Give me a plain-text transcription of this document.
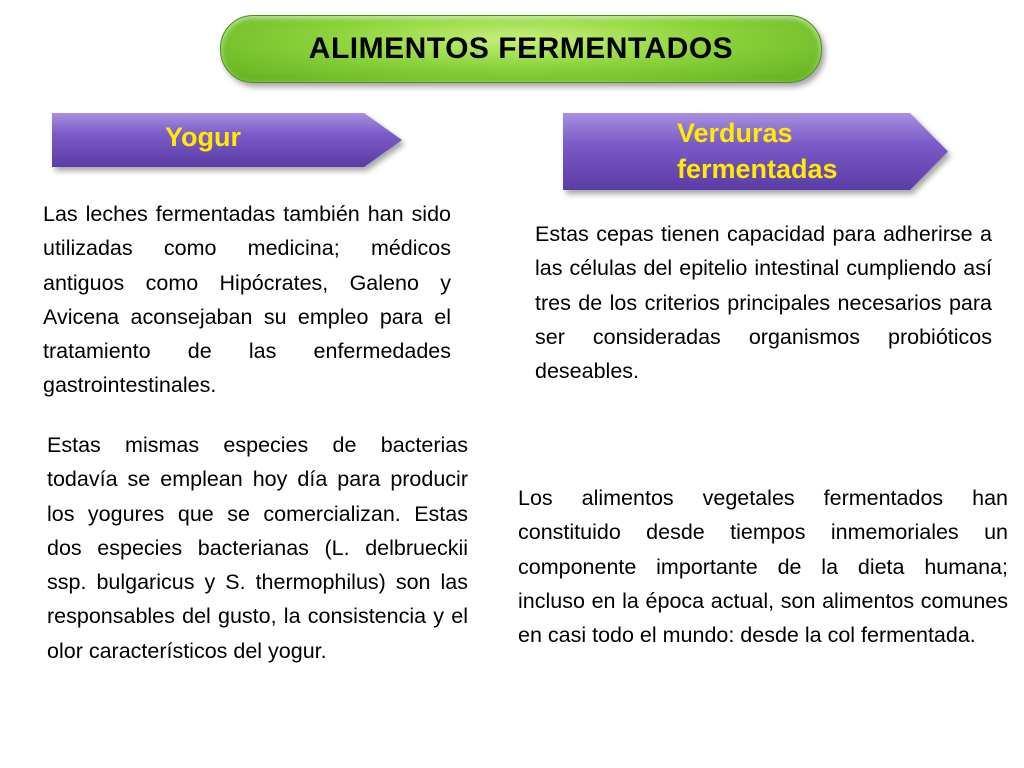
ALIMENTOS FERMENTADOS
Yogur	Verduras
fermentadas
Las leches fermentadas también han sido utilizadas como medicina; médicos antiguos como Hipócrates, Galeno y Avicena aconsejaban su empleo para el tratamiento de las enfermedades gastrointestinales.
Estas mismas especies de bacterias todavía se emplean hoy día para producir los yogures que se comercializan. Estas dos especies bacterianas (L. delbrueckii ssp. bulgaricus y S. thermophilus) son las responsables del gusto, la consistencia y el olor característicos del yogur.
Estas cepas tienen capacidad para adherirse a las células del epitelio intestinal cumpliendo así tres de los criterios principales necesarios para ser consideradas organismos probióticos deseables.
Los alimentos vegetales fermentados han constituido desde tiempos inmemoriales un componente importante de la dieta humana; incluso en la época actual, son alimentos comunes en casi todo el mundo: desde la col fermentada.
